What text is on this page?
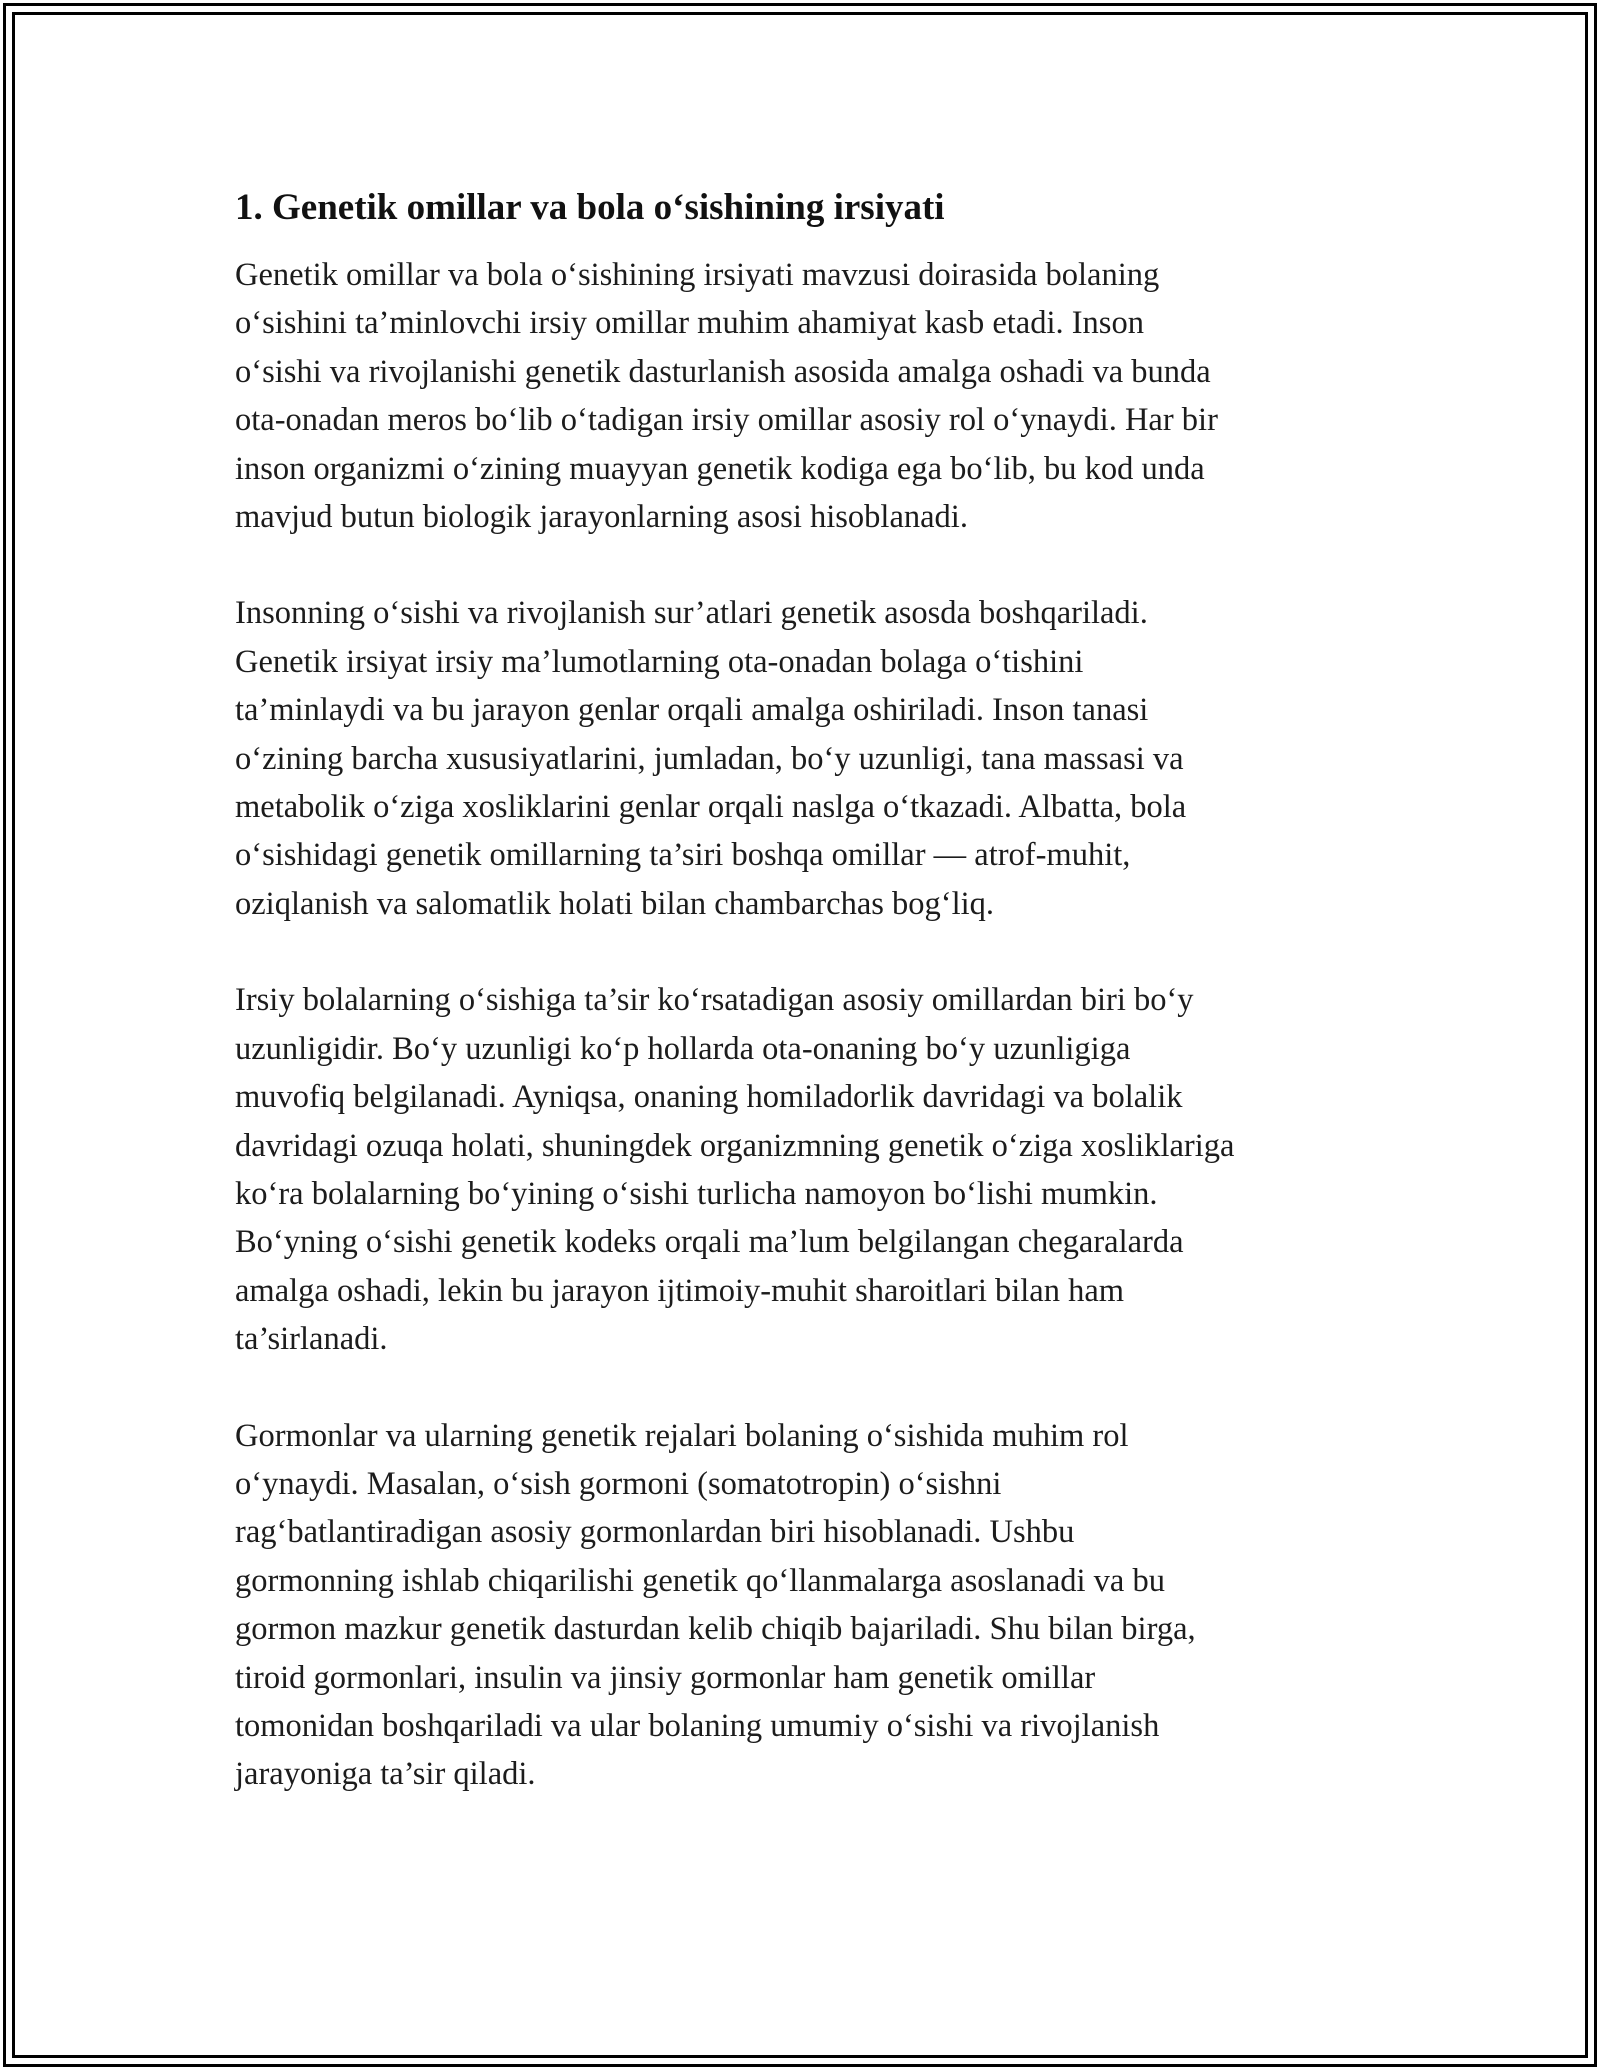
1. Genetik omillar va bola o‘sishining irsiyati

Genetik omillar va bola o‘sishining irsiyati mavzusi doirasida bolaning
o‘sishini ta’minlovchi irsiy omillar muhim ahamiyat kasb etadi. Inson
o‘sishi va rivojlanishi genetik dasturlanish asosida amalga oshadi va bunda
ota-onadan meros bo‘lib o‘tadigan irsiy omillar asosiy rol o‘ynaydi. Har bir
inson organizmi o‘zining muayyan genetik kodiga ega bo‘lib, bu kod unda
mavjud butun biologik jarayonlarning asosi hisoblanadi.

Insonning o‘sishi va rivojlanish sur’atlari genetik asosda boshqariladi.
Genetik irsiyat irsiy ma’lumotlarning ota-onadan bolaga o‘tishini
ta’minlaydi va bu jarayon genlar orqali amalga oshiriladi. Inson tanasi
o‘zining barcha xususiyatlarini, jumladan, bo‘y uzunligi, tana massasi va
metabolik o‘ziga xosliklarini genlar orqali naslga o‘tkazadi. Albatta, bola
o‘sishidagi genetik omillarning ta’siri boshqa omillar — atrof-muhit,
oziqlanish va salomatlik holati bilan chambarchas bog‘liq.

Irsiy bolalarning o‘sishiga ta’sir ko‘rsatadigan asosiy omillardan biri bo‘y
uzunligidir. Bo‘y uzunligi ko‘p hollarda ota-onaning bo‘y uzunligiga
muvofiq belgilanadi. Ayniqsa, onaning homiladorlik davridagi va bolalik
davridagi ozuqa holati, shuningdek organizmning genetik o‘ziga xosliklariga
ko‘ra bolalarning bo‘yining o‘sishi turlicha namoyon bo‘lishi mumkin.
Bo‘yning o‘sishi genetik kodeks orqali ma’lum belgilangan chegaralarda
amalga oshadi, lekin bu jarayon ijtimoiy-muhit sharoitlari bilan ham
ta’sirlanadi.

Gormonlar va ularning genetik rejalari bolaning o‘sishida muhim rol
o‘ynaydi. Masalan, o‘sish gormoni (somatotropin) o‘sishni
rag‘batlantiradigan asosiy gormonlardan biri hisoblanadi. Ushbu
gormonning ishlab chiqarilishi genetik qo‘llanmalarga asoslanadi va bu
gormon mazkur genetik dasturdan kelib chiqib bajariladi. Shu bilan birga,
tiroid gormonlari, insulin va jinsiy gormonlar ham genetik omillar
tomonidan boshqariladi va ular bolaning umumiy o‘sishi va rivojlanish
jarayoniga ta’sir qiladi.
